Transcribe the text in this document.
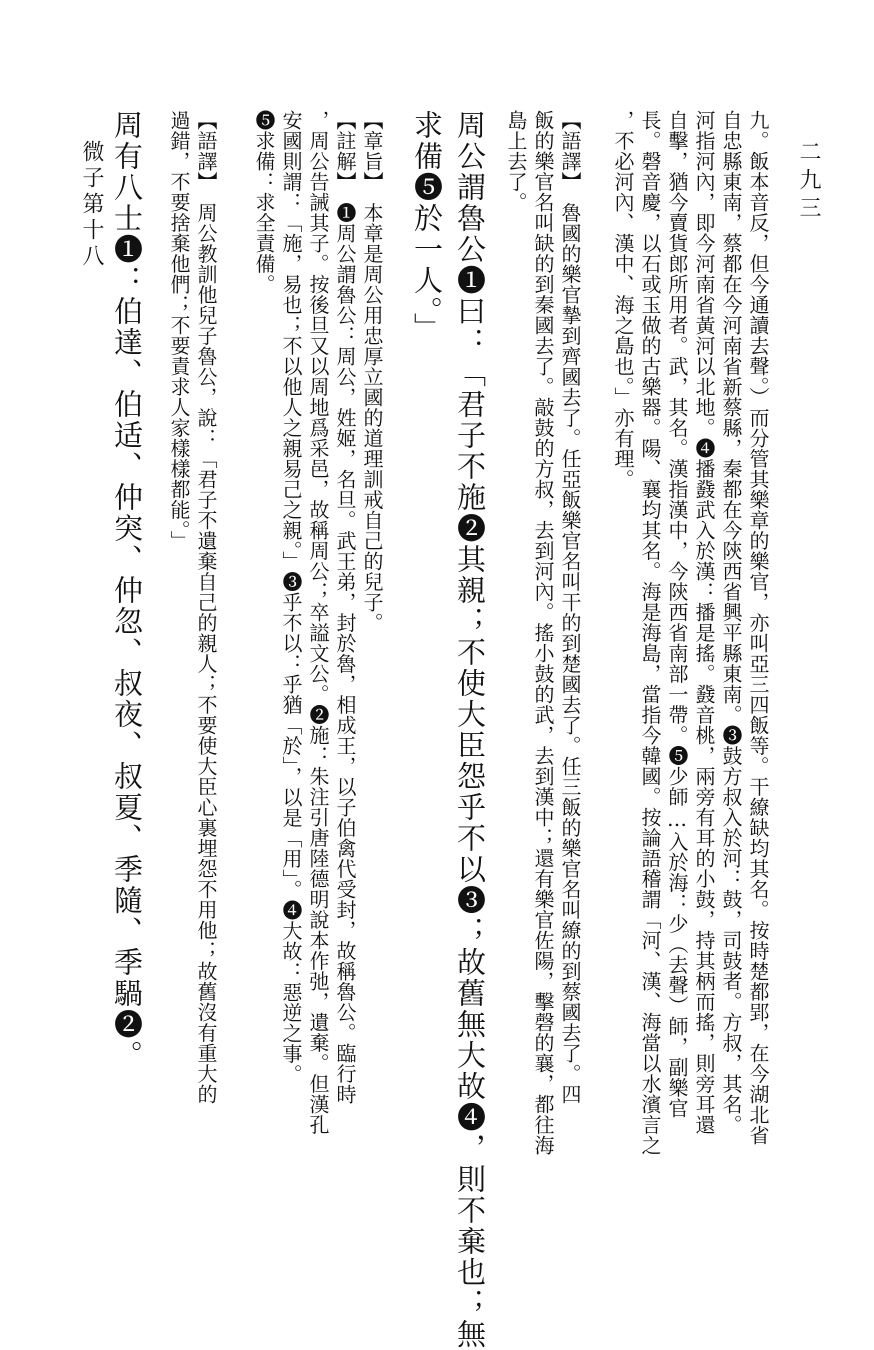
微子第十八	二九三
九。飯本音反，但今通讀去聲。）而分管其樂章的樂官，亦叫亞三四飯等。干繚缺均其名。按時楚都郢，在今湖北省
自忠縣東南，蔡都在今河南省新蔡縣，秦都在今陝西省興平縣東南。❸鼓方叔入於河：鼓，司鼓者。方叔，其名。
河指河內，即今河南省黃河以北地。❹播鼗武入於漢：播是搖。鼗音桃，兩旁有耳的小鼓，持其柄而搖，則旁耳還
自擊，猶今賣貨郎所用者。武，其名。漢指漢中，今陝西省南部一帶。❺少師…入於海：少（去聲）師，副樂官
長。磬音慶，以石或玉做的古樂器。陽、襄均其名。海是海島，當指今韓國。按論語稽謂「河、漢、海當以水濱言之
，不必河內、漢中、海之島也。」亦有理。
【語譯】　魯國的樂官摯到齊國去了。任亞飯樂官名叫干的到楚國去了。任三飯的樂官名叫繚的到蔡國去了。四
飯的樂官名叫缺的到秦國去了。敲鼓的方叔，去到河內。搖小鼓的武，去到漢中；還有樂官佐陽，擊磬的襄，都往海
島上去了。
周公謂魯公❶曰：「君子不施❷其親；不使大臣怨乎不以❸；故舊無大故❹，則不棄也；無
求備❺於一人。」
【章旨】　本章是周公用忠厚立國的道理訓戒自己的兒子。
【註解】　❶周公謂魯公：周公，姓姬，名旦。武王弟，封於魯，相成王，以子伯禽代受封，故稱魯公。臨行時
，周公告誡其子。按後旦又以周地爲采邑，故稱周公；卒謚文公。❷施：朱注引唐陸德明說本作弛，遺棄。但漢孔
安國則謂：「施，易也；不以他人之親易己之親。」❸乎不以：乎猶「於」，以是「用」。❹大故：惡逆之事。
❺求備：求全責備。
【語譯】　周公教訓他兒子魯公，說：「君子不遺棄自己的親人；不要使大臣心裏埋怨不用他；故舊沒有重大的
過錯，不要捨棄他們；不要責求人家樣樣都能。」
周有八士❶：伯達、伯适、仲突、仲忽、叔夜、叔夏、季隨、季騧❷。
